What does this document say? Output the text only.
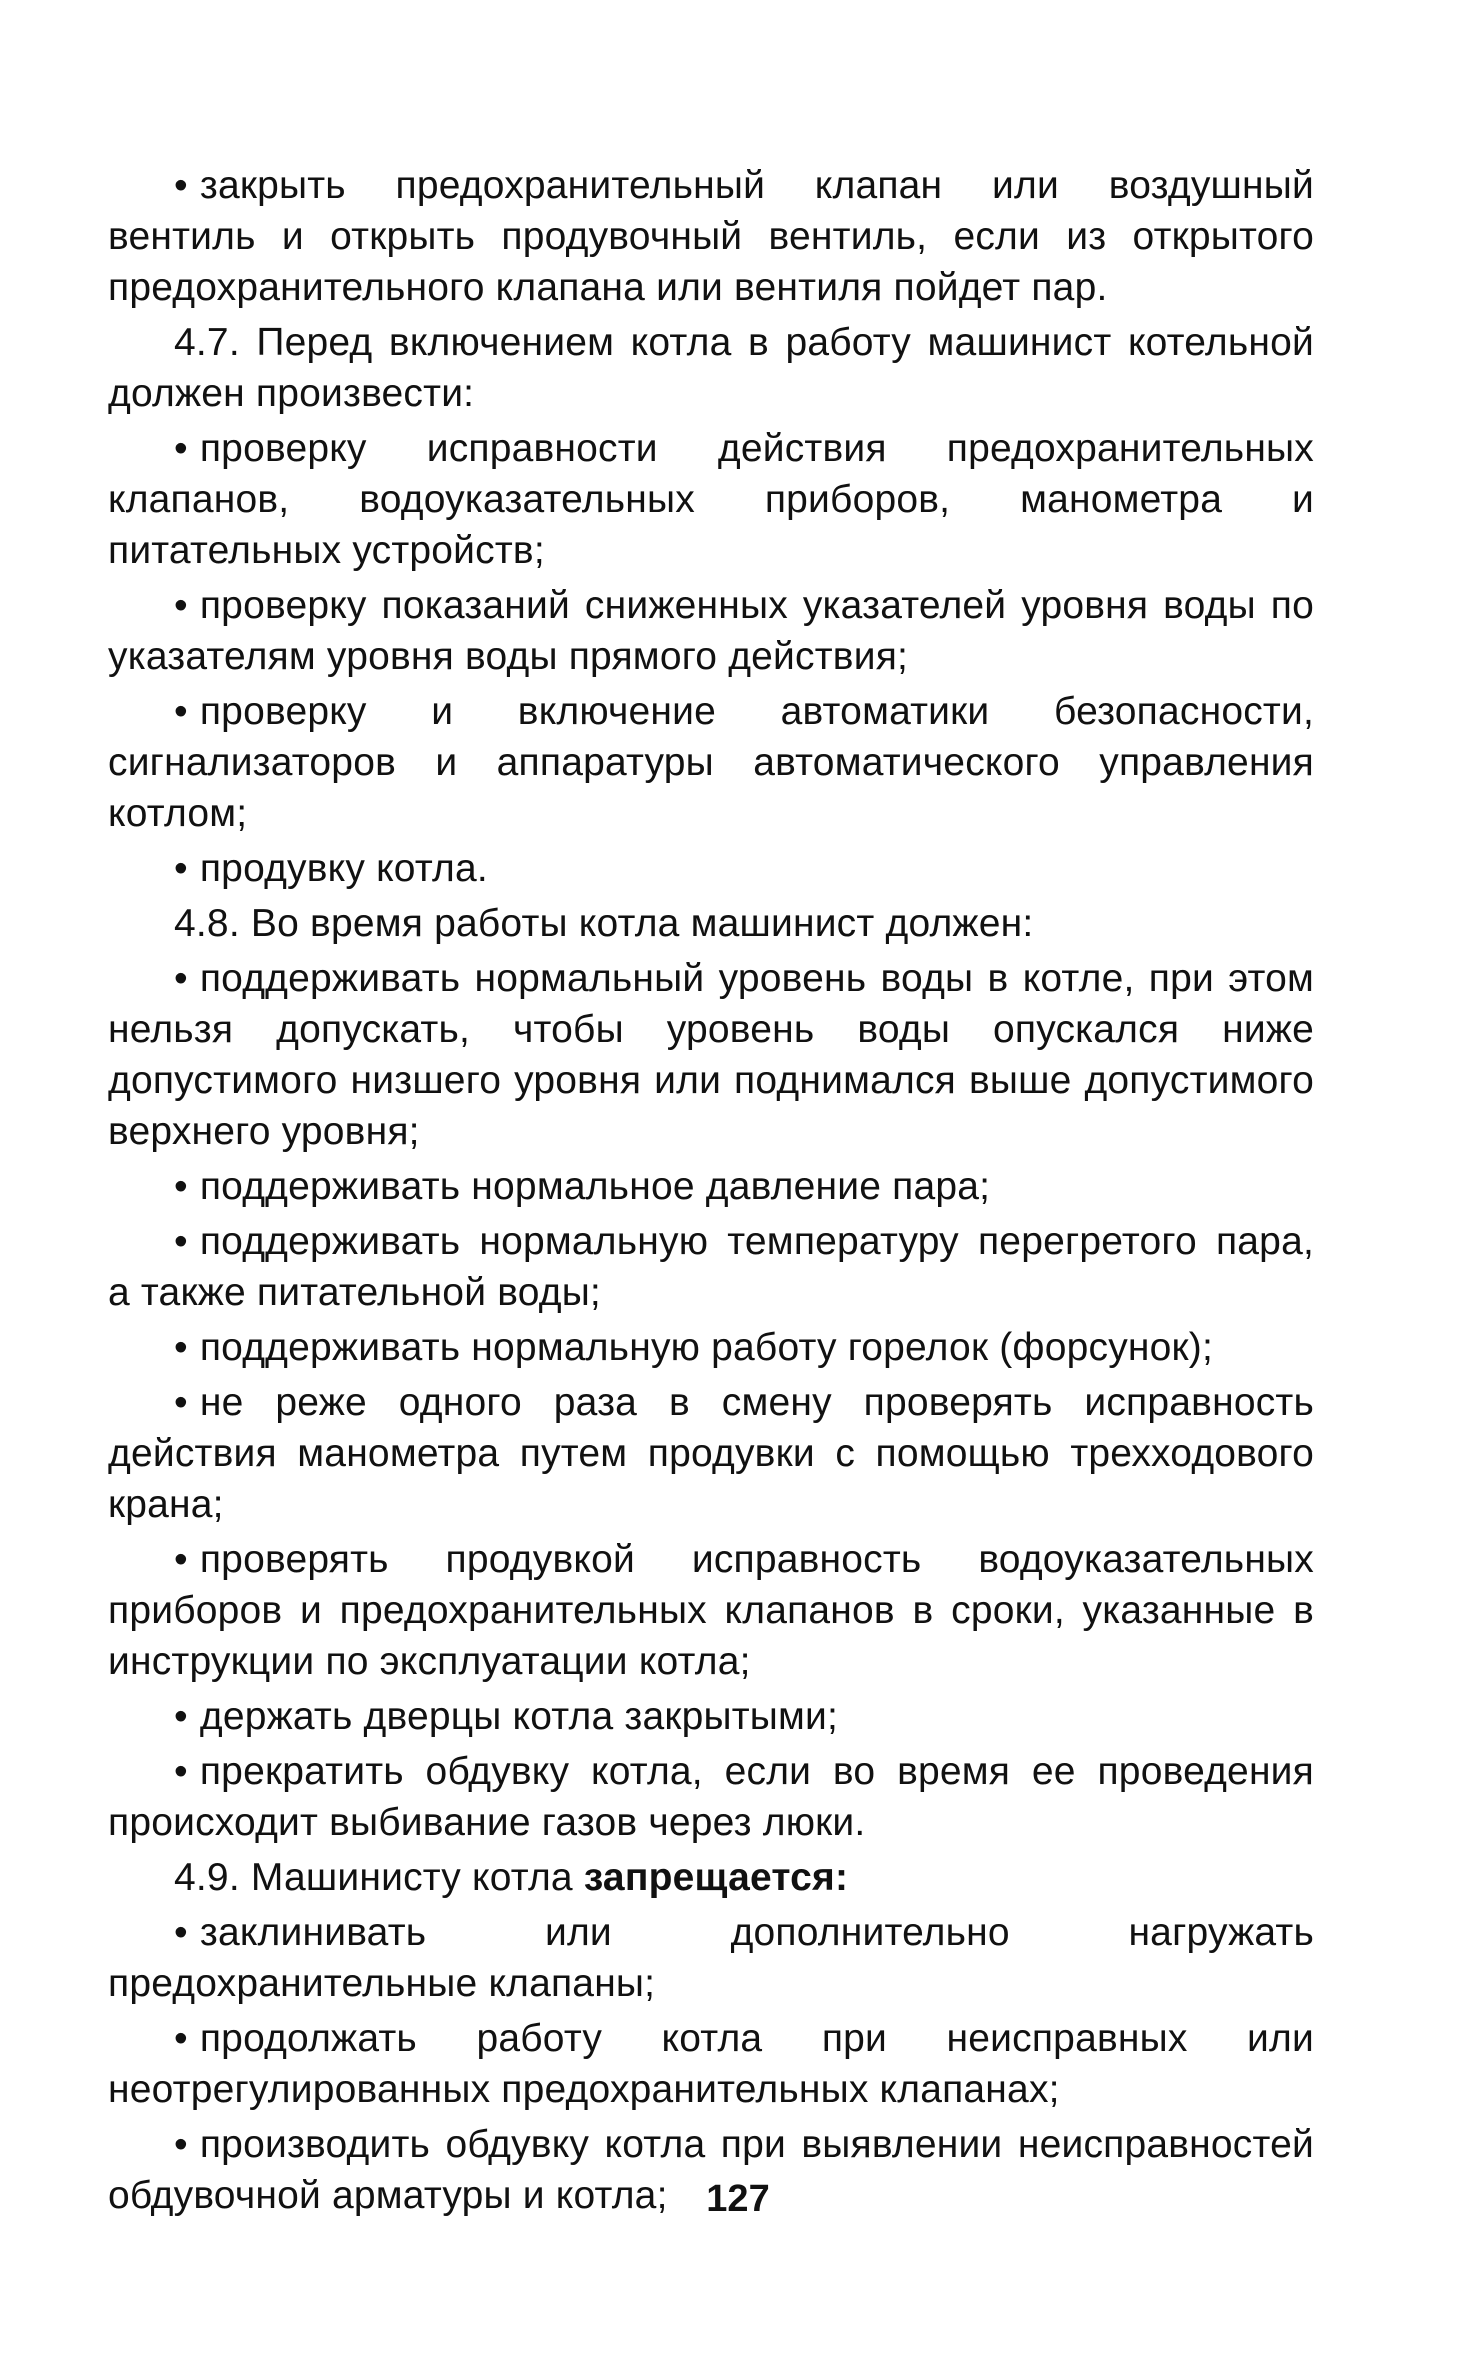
• закрыть предохранительный клапан или воздушный вентиль и открыть продувочный вентиль, если из открытого предохранительного клапана или вентиля пойдет пар.

4.7. Перед включением котла в работу машинист котельной должен произвести:

• проверку исправности действия предохранительных клапанов, водоуказательных приборов, манометра и питательных устройств;

• проверку показаний сниженных указателей уровня воды по указателям уровня воды прямого действия;

• проверку и включение автоматики безопасности, сигнализаторов и аппаратуры автоматического управления котлом;

• продувку котла.

4.8. Во время работы котла машинист должен:

• поддерживать нормальный уровень воды в котле, при этом нельзя допускать, чтобы уровень воды опускался ниже допустимого низшего уровня или поднимался выше допустимого верхнего уровня;

• поддерживать нормальное давление пара;

• поддерживать нормальную температуру перегретого пара, а также питательной воды;

• поддерживать нормальную работу горелок (форсунок);

• не реже одного раза в смену проверять исправность действия манометра путем продувки с помощью трехходового крана;

• проверять продувкой исправность водоуказательных приборов и предохранительных клапанов в сроки, указанные в инструкции по эксплуатации котла;

• держать дверцы котла закрытыми;

• прекратить обдувку котла, если во время ее проведения происходит выбивание газов через люки.

4.9. Машинисту котла запрещается:

• заклинивать или дополнительно нагружать предохранительные клапаны;

• продолжать работу котла при неисправных или неотрегулированных предохранительных клапанах;

• производить обдувку котла при выявлении неисправностей обдувочной арматуры и котла;	127
